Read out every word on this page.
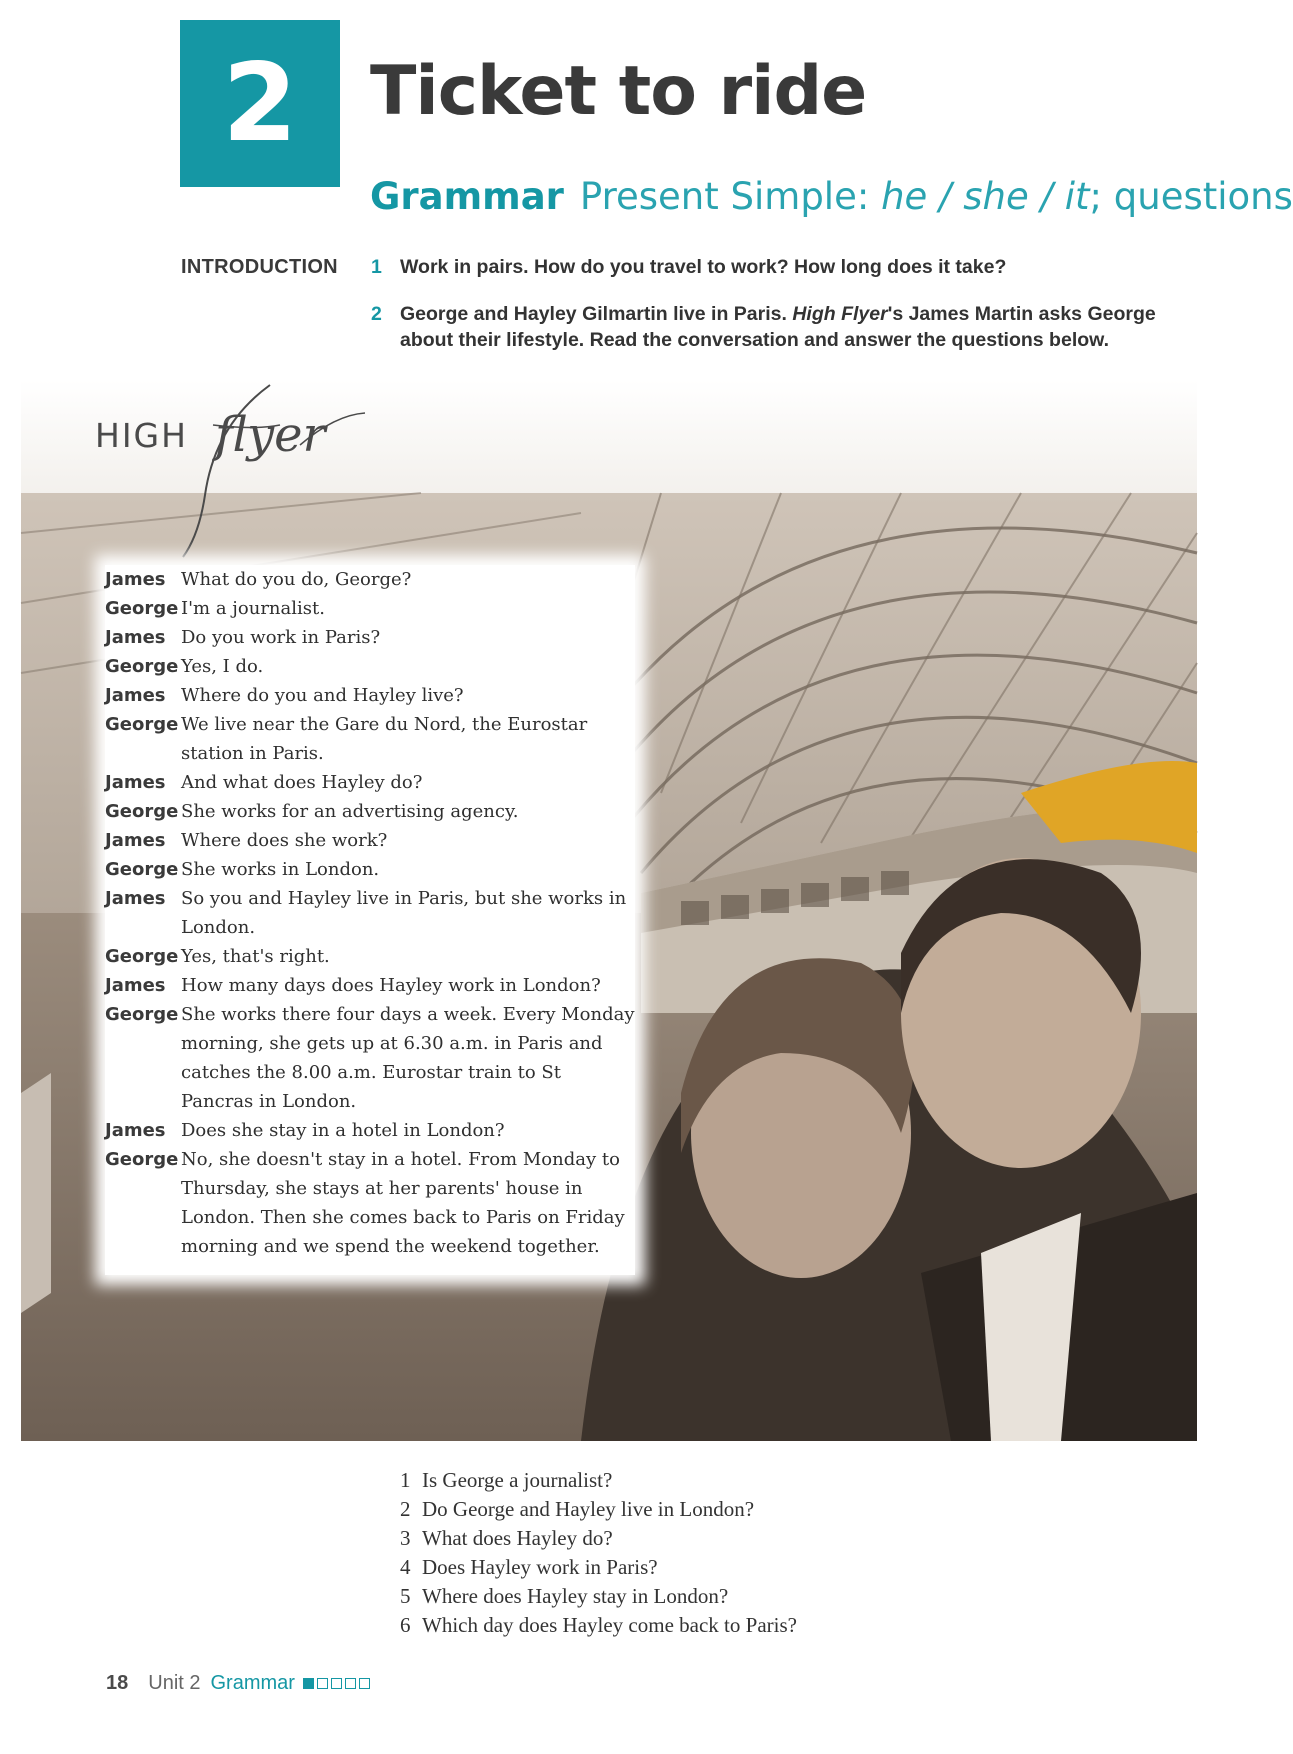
2 Ticket to ride
Grammar Present Simple: he / she / it; questions
INTRODUCTION 1 Work in pairs. How do you travel to work? How long does it take?
2 George and Hayley Gilmartin live in Paris. High Flyer's James Martin asks George about their lifestyle. Read the conversation and answer the questions below.
HIGH flyer
James What do you do, George?
George I'm a journalist.
James Do you work in Paris?
George Yes, I do.
James Where do you and Hayley live?
George We live near the Gare du Nord, the Eurostar station in Paris.
James And what does Hayley do?
George She works for an advertising agency.
James Where does she work?
George She works in London.
James So you and Hayley live in Paris, but she works in London.
George Yes, that's right.
James How many days does Hayley work in London?
George She works there four days a week. Every Monday morning, she gets up at 6.30 a.m. in Paris and catches the 8.00 a.m. Eurostar train to St Pancras in London.
James Does she stay in a hotel in London?
George No, she doesn't stay in a hotel. From Monday to Thursday, she stays at her parents' house in London. Then she comes back to Paris on Friday morning and we spend the weekend together.
1 Is George a journalist?
2 Do George and Hayley live in London?
3 What does Hayley do?
4 Does Hayley work in Paris?
5 Where does Hayley stay in London?
6 Which day does Hayley come back to Paris?
18 Unit 2 Grammar
